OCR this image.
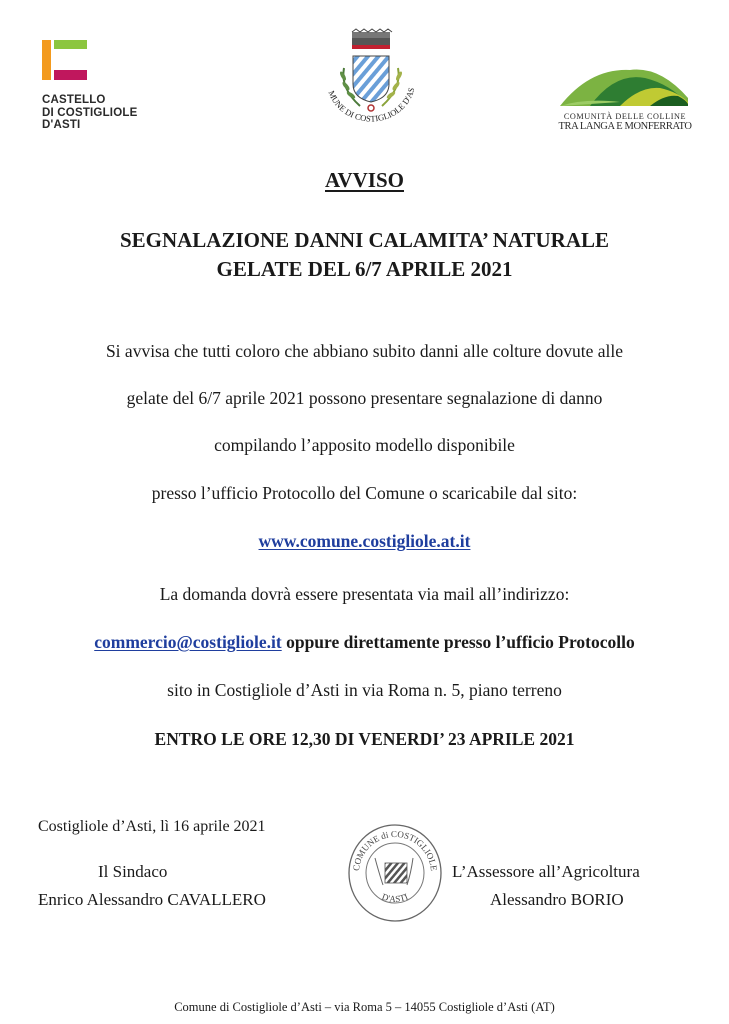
CASTELLO
DI COSTIGLIOLE
D'ASTI
MUNE DI COSTIGLIOLE D'AS
COMUNITÀ DELLE COLLINE
TRA LANGA E MONFERRATO
AVVISO
SEGNALAZIONE DANNI CALAMITA’ NATURALE
GELATE DEL 6/7 APRILE 2021
Si avvisa che tutti coloro che abbiano subito danni alle colture dovute alle
gelate del 6/7 aprile 2021 possono presentare segnalazione di danno
compilando l’apposito modello disponibile
presso l’ufficio Protocollo del Comune o scaricabile dal sito:
www.comune.costigliole.at.it
La domanda dovrà essere presentata via mail all’indirizzo:
commercio@costigliole.it oppure direttamente presso l’ufficio Protocollo
sito in Costigliole d’Asti in via Roma n. 5, piano terreno
ENTRO LE ORE 12,30 DI VENERDI’ 23 APRILE 2021
Costigliole d’Asti, lì 16 aprile 2021
Il Sindaco
Enrico Alessandro CAVALLERO
L’Assessore all’Agricoltura
Alessandro BORIO
COMUNE di COSTIGLIOLE
D'ASTI
Comune di Costigliole d’Asti – via Roma 5 – 14055 Costigliole d’Asti (AT)
